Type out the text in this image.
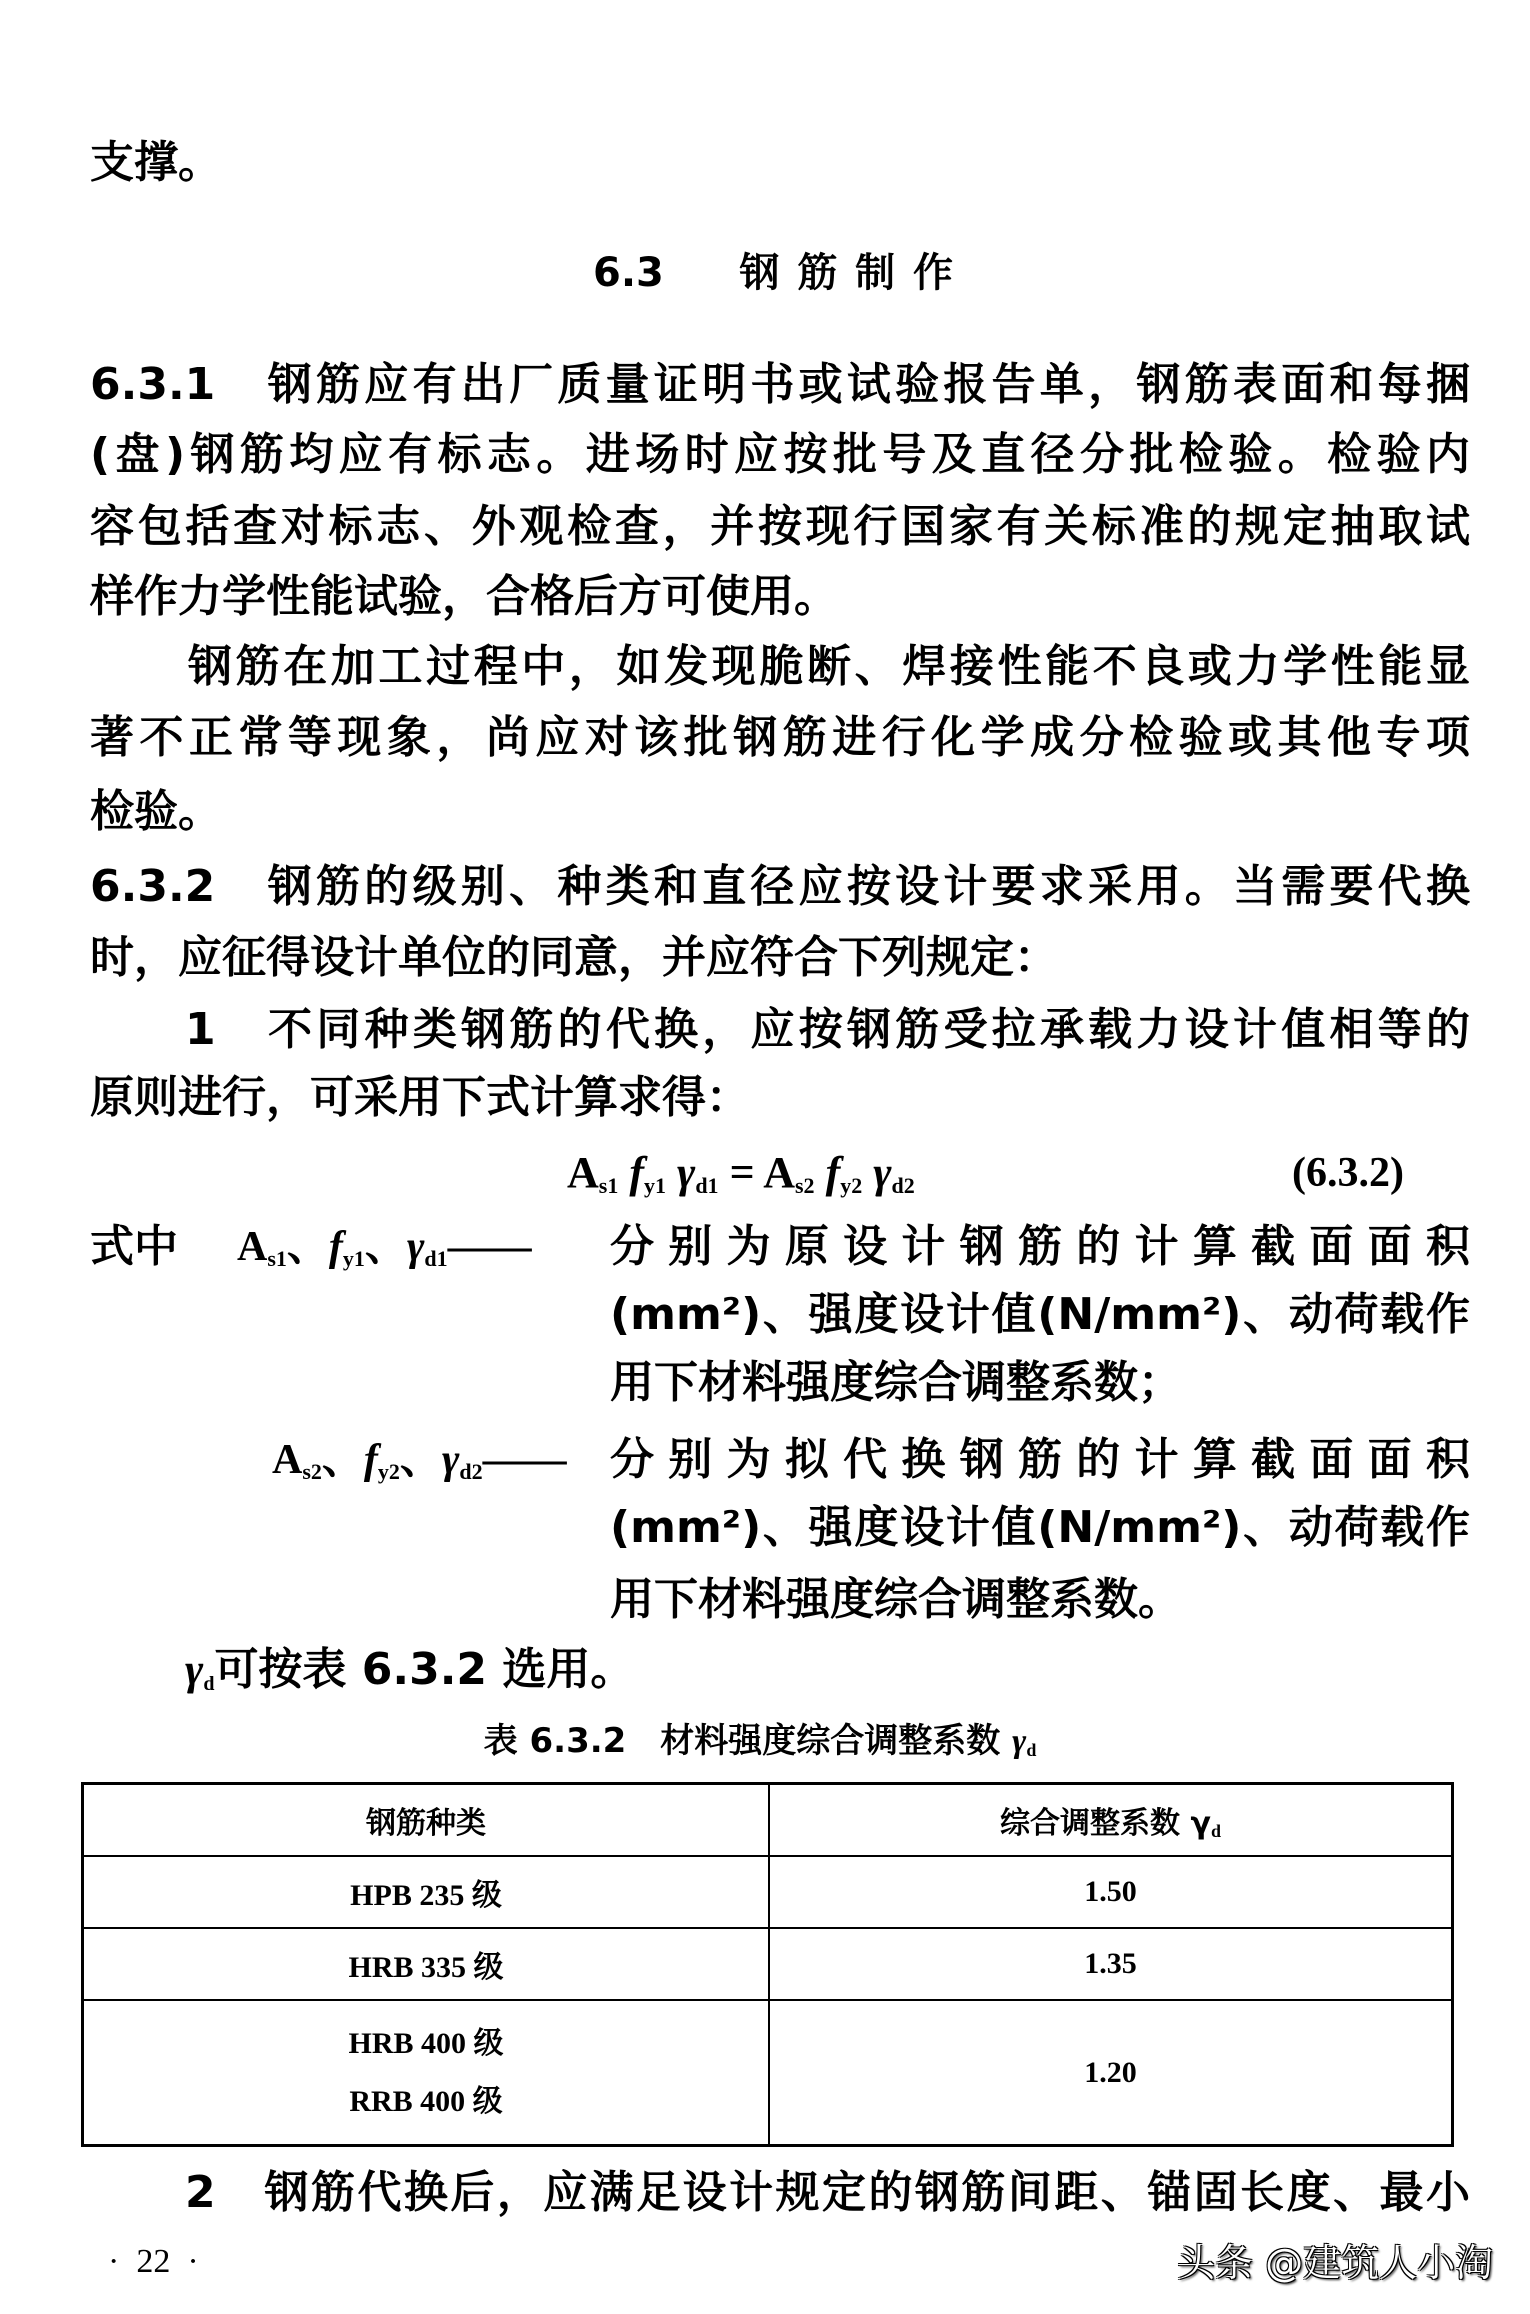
支撑。
6.3　钢筋制作
6.3.1　钢筋应有出厂质量证明书或试验报告单，钢筋表面和每捆
(盘)钢筋均应有标志。进场时应按批号及直径分批检验。检验内
容包括查对标志、外观检查，并按现行国家有关标准的规定抽取试
样作力学性能试验，合格后方可使用。
钢筋在加工过程中，如发现脆断、焊接性能不良或力学性能显
著不正常等现象，尚应对该批钢筋进行化学成分检验或其他专项
检验。
6.3.2　钢筋的级别、种类和直径应按设计要求采用。当需要代换
时，应征得设计单位的同意，并应符合下列规定：
1　不同种类钢筋的代换，应按钢筋受拉承载力设计值相等的
原则进行，可采用下式计算求得：
$A_{s1}$ $f_{y1}$ $\gamma_{d1} = A_{s2}$ $f_{y2}$ $\gamma_{d2}$	(6.3.2)
式中	$A_{s1}$、$f_{y1}$、$\gamma_{d1}——$ 分别为原设计钢筋的计算截面面积
(mm²)、强度设计值(N/mm²)、动荷载作
用下材料强度综合调整系数；
$A_{s2}$、$f_{y2}$、$\gamma_{d2}——$ 分别为拟代换钢筋的计算截面面积
(mm²)、强度设计值(N/mm²)、动荷载作
用下材料强度综合调整系数。
$\gamma_d$可按表 6.3.2 选用。
表 6.3.2　材料强度综合调整系数 $\gamma_d$
钢筋种类	综合调整系数 $\gamma_d$
HPB 235 级	1.50
HRB 335 级	1.35

HRB 400 级
RRB 400 级	1.20
2　钢筋代换后，应满足设计规定的钢筋间距、锚固长度、最小
·  22  ·	头条 @建筑人小淘
